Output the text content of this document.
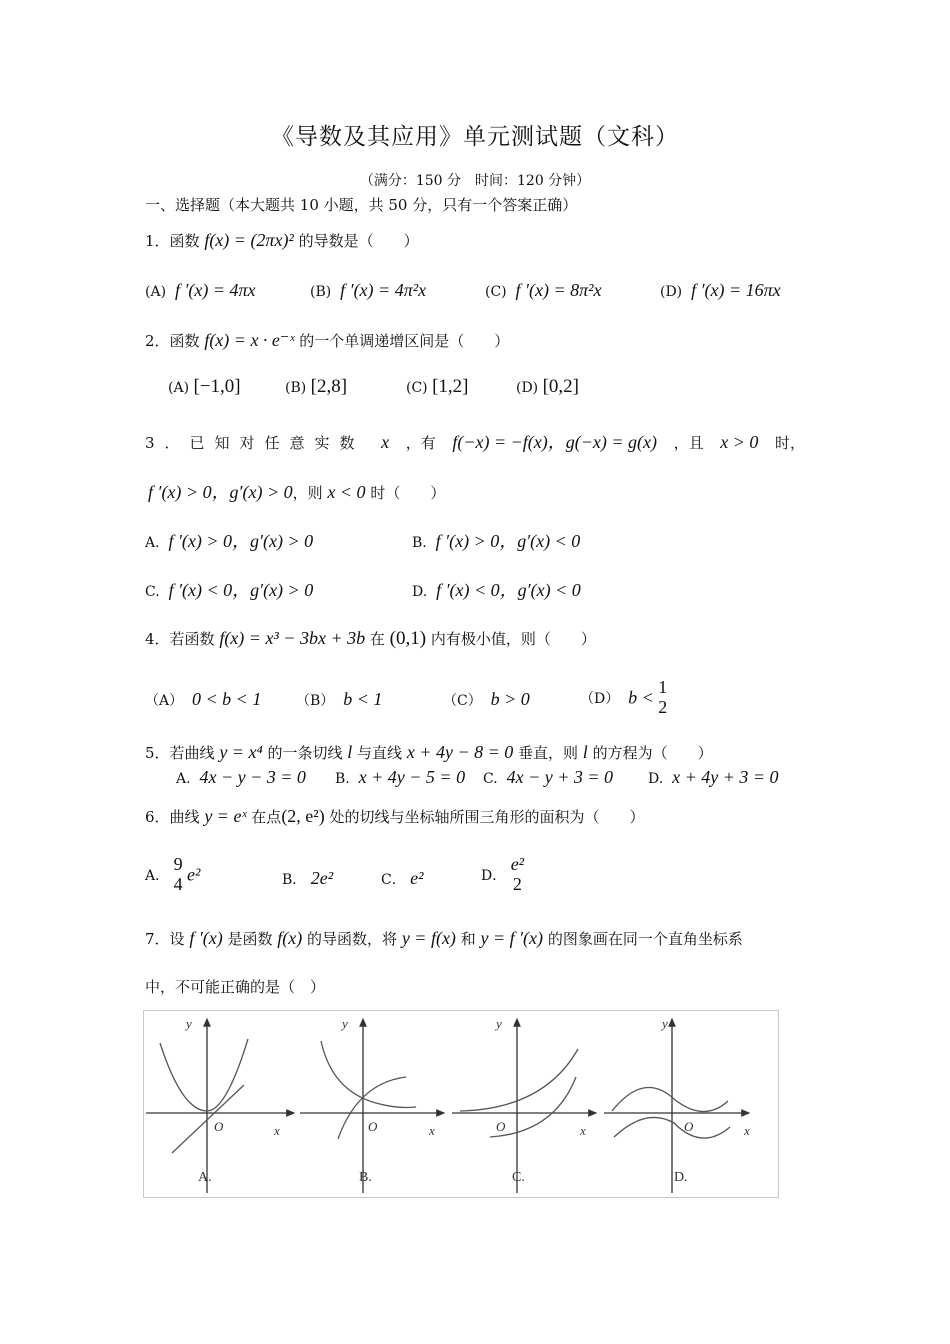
《导数及其应用》单元测试题（文科）
（满分：150 分　时间：120 分钟）
一、选择题（本大题共 10 小题，共 50 分，只有一个答案正确）
1．函数 f(x) = (2πx)² 的导数是（　　）
(A) f ′(x) = 4πx	(B) f ′(x) = 4π²x	(C) f ′(x) = 8π²x	(D) f ′(x) = 16πx
2．函数 f(x) = x · e⁻ˣ 的一个单调递增区间是（　　）
(A) [−1,0]	(B) [2,8]	(C) [1,2]	(D) [0,2]
3．已知对任意实数 x ，有 f(−x) = −f(x)，g(−x) = g(x) ，且 x > 0 时，
f ′(x) > 0，g′(x) > 0，则 x < 0 时（　　）
A. f ′(x) > 0，g′(x) > 0	B. f ′(x) > 0，g′(x) < 0
C. f ′(x) < 0，g′(x) > 0	D. f ′(x) < 0，g′(x) < 0
4．若函数 f(x) = x³ − 3bx + 3b 在 (0,1) 内有极小值，则（　　）
（A） 0 < b < 1 （B） b < 1	（C） b > 0	（D） b <
1
2
5．若曲线 y = x⁴ 的一条切线 l 与直线 x + 4y − 8 = 0 垂直，则 l 的方程为（　　）
A. 4x − y − 3 = 0 B. x + 4y − 5 = 0 C. 4x − y + 3 = 0	D. x + 4y + 3 = 0
6．曲线 y = eˣ 在点(2, e²) 处的切线与坐标轴所围三角形的面积为（　　）
A．
9
4 e²	B． 2e²	C． e²	D．
e²
2
7．设 f ′(x) 是函数 f(x) 的导函数，将 y = f(x) 和 y = f ′(x) 的图象画在同一个直角坐标系
中，不可能正确的是（　）
y
x
O
A.
y
x
O
B.
y
x
O
C.
y
x
O
D.
